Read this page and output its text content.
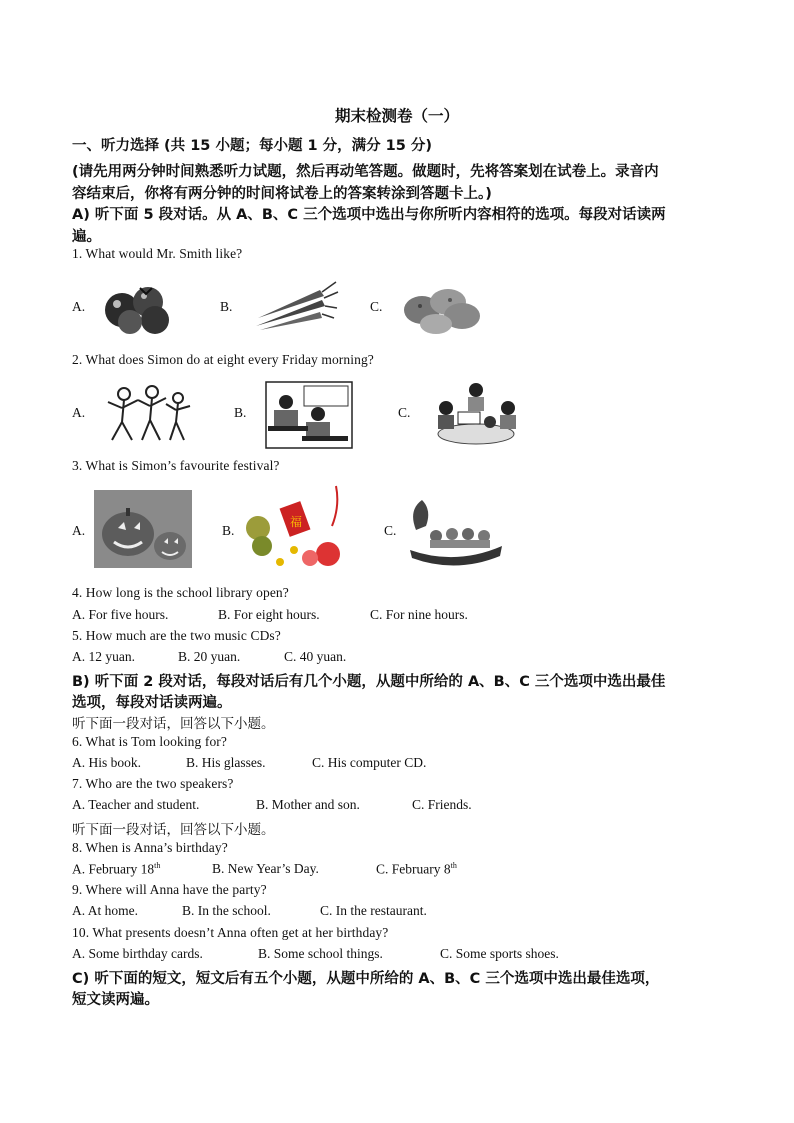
期末检测卷（一）
一、听力选择 (共 15 小题；每小题 1 分，满分 15 分)
(请先用两分钟时间熟悉听力试题，然后再动笔答题。做题时，先将答案划在试卷上。录音内
容结束后，你将有两分钟的时间将试卷上的答案转涂到答题卡上。)
A) 听下面 5 段对话。从 A、B、C 三个选项中选出与你所听内容相符的选项。每段对话读两
遍。
1. What would Mr. Smith like?
A.	B.	C.
2. What does Simon do at eight every Friday morning?
A.	B.	C.
3. What is Simon’s favourite festival?
A.	B.	C.
福
4. How long is the school library open?
A. For five hours.	B. For eight hours.	C. For nine hours.
5. How much are the two music CDs?
A. 12 yuan.	B. 20 yuan.	C. 40 yuan.
B) 听下面 2 段对话，每段对话后有几个小题，从题中所给的 A、B、C 三个选项中选出最佳
选项，每段对话读两遍。
听下面一段对话，回答以下小题。
6. What is Tom looking for?
A. His book.	B. His glasses.	C. His computer CD.
7. Who are the two speakers?
A. Teacher and student.	B. Mother and son.	C. Friends.
听下面一段对话，回答以下小题。
8. When is Anna’s birthday?
A. February 18th	B. New Year’s Day.	C. February 8th
9. Where will Anna have the party?
A. At home.	B. In the school.	C. In the restaurant.
10. What presents doesn’t Anna often get at her birthday?
A. Some birthday cards.	B. Some school things.	C. Some sports shoes.
C) 听下面的短文，短文后有五个小题，从题中所给的 A、B、C 三个选项中选出最佳选项，
短文读两遍。
